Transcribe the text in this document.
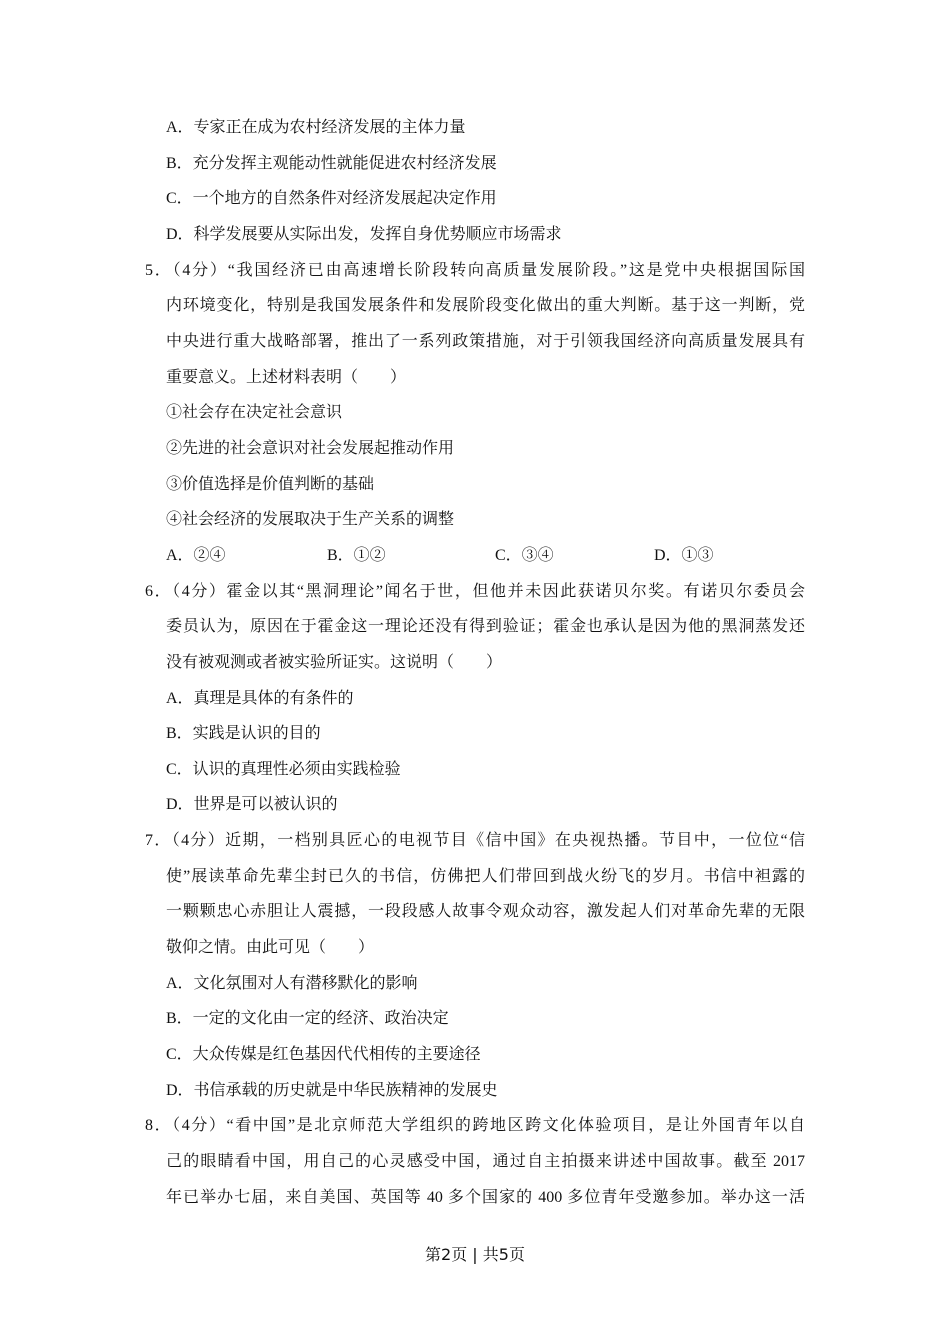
A．专家正在成为农村经济发展的主体力量
B．充分发挥主观能动性就能促进农村经济发展
C．一个地方的自然条件对经济发展起决定作用
D．科学发展要从实际出发，发挥自身优势顺应市场需求
5．（4分）“我国经济已由高速增长阶段转向高质量发展阶段。”这是党中央根据国际国
内环境变化，特别是我国发展条件和发展阶段变化做出的重大判断。基于这一判断，党
中央进行重大战略部署，推出了一系列政策措施，对于引领我国经济向高质量发展具有
重要意义。上述材料表明（　　）
①社会存在决定社会意识
②先进的社会意识对社会发展起推动作用
③价值选择是价值判断的基础
④社会经济的发展取决于生产关系的调整
A．②④	B．①②	C．③④	D．①③
6．（4分）霍金以其“黑洞理论”闻名于世，但他并未因此获诺贝尔奖。有诺贝尔委员会
委员认为，原因在于霍金这一理论还没有得到验证；霍金也承认是因为他的黑洞蒸发还
没有被观测或者被实验所证实。这说明（　　）
A．真理是具体的有条件的
B．实践是认识的目的
C．认识的真理性必须由实践检验
D．世界是可以被认识的
7．（4分）近期，一档别具匠心的电视节目《信中国》在央视热播。节目中，一位位“信
使”展读革命先辈尘封已久的书信，仿佛把人们带回到战火纷飞的岁月。书信中袒露的
一颗颗忠心赤胆让人震撼，一段段感人故事令观众动容，激发起人们对革命先辈的无限
敬仰之情。由此可见（　　）
A．文化氛围对人有潜移默化的影响
B．一定的文化由一定的经济、政治决定
C．大众传媒是红色基因代代相传的主要途径
D．书信承载的历史就是中华民族精神的发展史
8．（4分）“看中国”是北京师范大学组织的跨地区跨文化体验项目，是让外国青年以自
己的眼睛看中国，用自己的心灵感受中国，通过自主拍摄来讲述中国故事。截至 2017
年已举办七届，来自美国、英国等 40 多个国家的 400 多位青年受邀参加。举办这一活
第2页 | 共5页
